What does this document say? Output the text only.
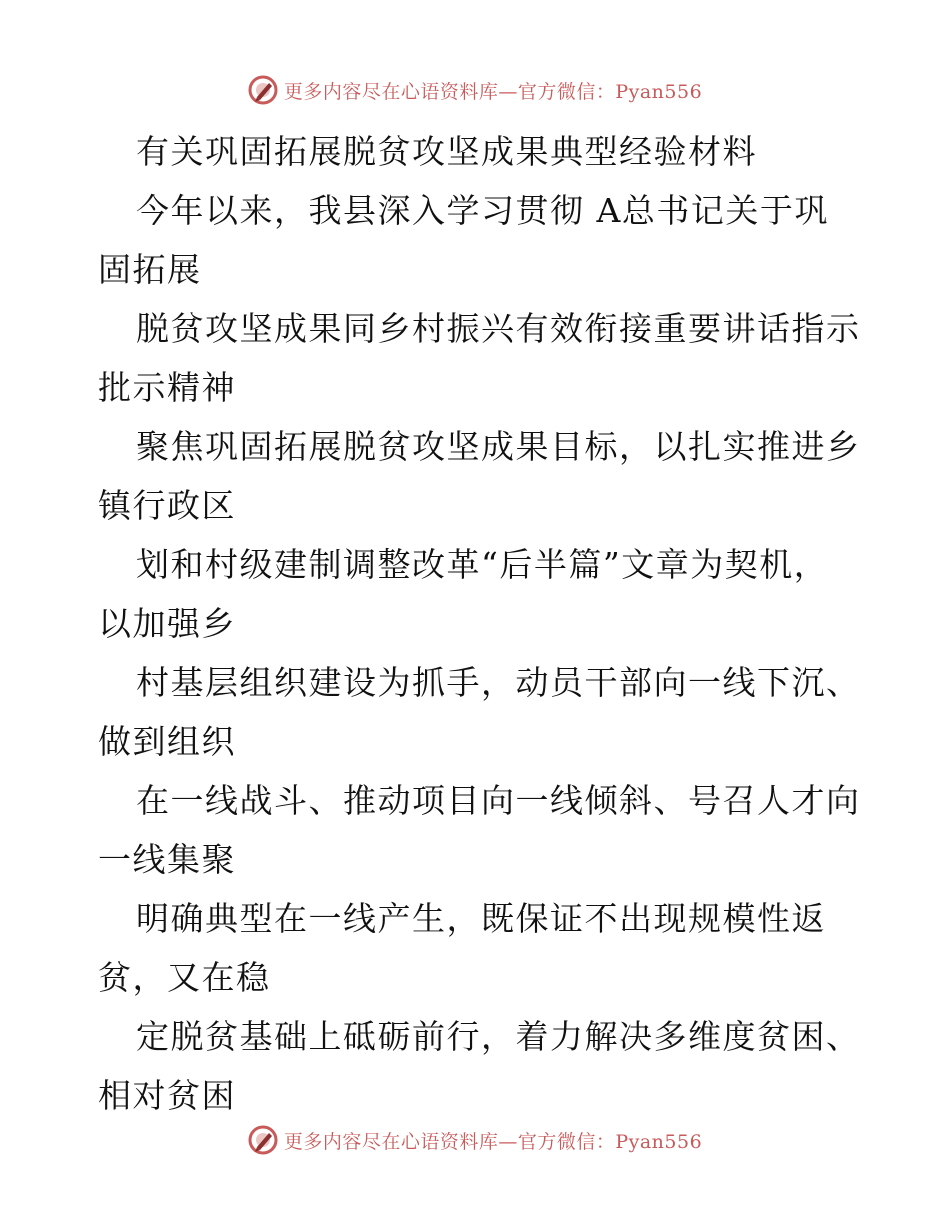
更多内容尽在心语资料库—官方微信：Pyan556
有关巩固拓展脱贫攻坚成果典型经验材料
今年以来，我县深入学习贯彻 A总书记关于巩
固拓展
脱贫攻坚成果同乡村振兴有效衔接重要讲话指示
批示精神
聚焦巩固拓展脱贫攻坚成果目标，以扎实推进乡
镇行政区
划和村级建制调整改革“后半篇”文章为契机，
以加强乡
村基层组织建设为抓手，动员干部向一线下沉、
做到组织
在一线战斗、推动项目向一线倾斜、号召人才向
一线集聚
明确典型在一线产生，既保证不出现规模性返
贫，又在稳
定脱贫基础上砥砺前行，着力解决多维度贫困、
相对贫困
更多内容尽在心语资料库—官方微信：Pyan556
